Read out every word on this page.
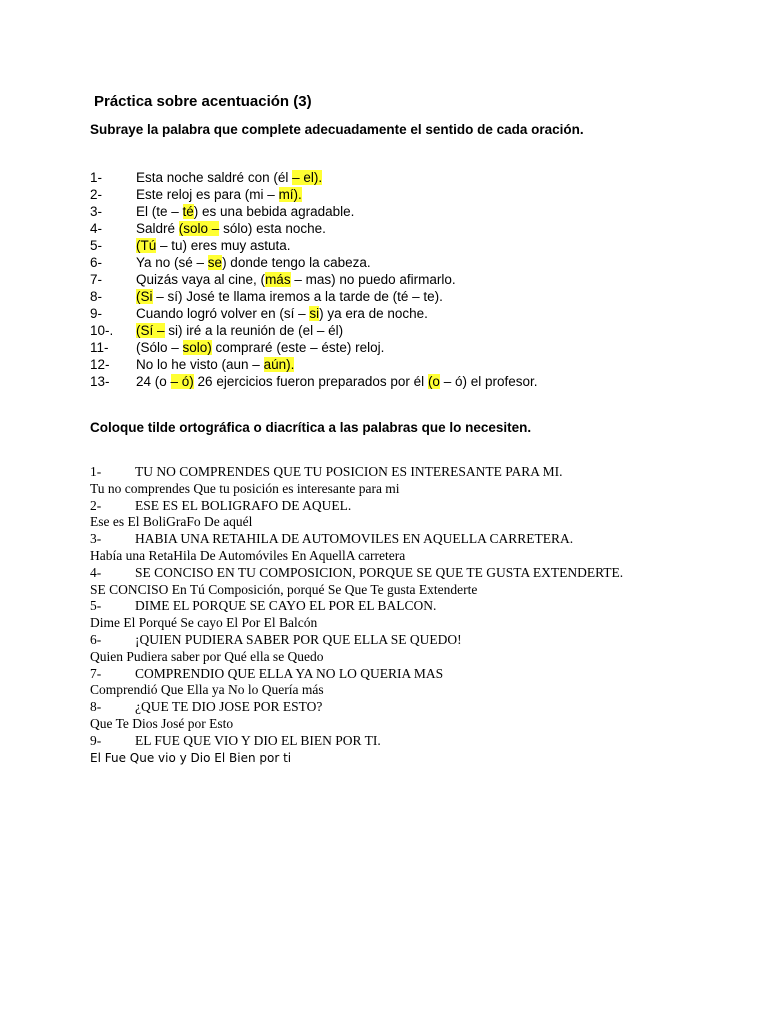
Práctica sobre acentuación (3)
Subraye la palabra que complete adecuadamente el sentido de cada oración.
1-	Esta noche saldré con (él – el).
2-	Este reloj es para (mi – mí).
3-	El (te – té) es una bebida agradable.
4-	Saldré (solo – sólo) esta noche.
5-	(Tú – tu) eres muy astuta.
6-	Ya no (sé – se) donde tengo la cabeza.
7-	Quizás vaya al cine, (más – mas) no puedo afirmarlo.
8-	(Si – sí) José te llama iremos a la tarde de (té – te).
9-	Cuando logró volver en (sí – si) ya era de noche.
10-. (Sí – si) iré a la reunión de (el – él)
11- (Sólo – solo) compraré (este – éste) reloj.
12- No lo he visto (aun – aún).
13- 24 (o – ó) 26 ejercicios fueron preparados por él (o – ó) el profesor.
Coloque tilde ortográfica o diacrítica a las palabras que lo necesiten.
1-	TU NO COMPRENDES QUE TU POSICION ES INTERESANTE PARA MI.
Tu no comprendes Que tu posición es interesante para mi
2-	ESE ES EL BOLIGRAFO DE AQUEL.
Ese es El BoliGraFo De aquél
3-	HABIA UNA RETAHILA DE AUTOMOVILES EN AQUELLA CARRETERA.
Había una RetaHila De Automóviles En AquellA carretera
4-	SE CONCISO EN TU COMPOSICION, PORQUE SE QUE TE GUSTA EXTENDERTE.
SE CONCISO En Tú Composición, porqué Se Que Te gusta Extenderte
5-	DIME EL PORQUE SE CAYO EL POR EL BALCON.
Dime El Porqué Se cayo El Por El Balcón
6-	¡QUIEN PUDIERA SABER POR QUE ELLA SE QUEDO!
Quien Pudiera saber por Qué ella se Quedo
7-	COMPRENDIO QUE ELLA YA NO LO QUERIA MAS
Comprendió Que Ella ya No lo Quería más
8-	¿QUE TE DIO JOSE POR ESTO?
Que Te Dios José por Esto
9-	EL FUE QUE VIO Y DIO EL BIEN POR TI.
El Fue Que vio y Dio El Bien por ti
